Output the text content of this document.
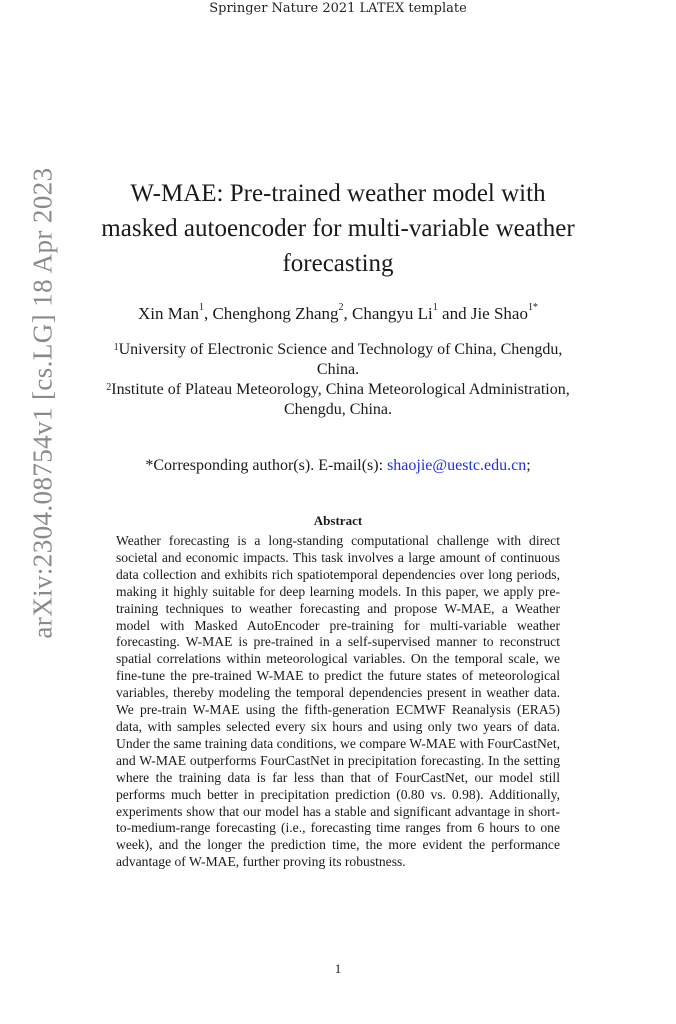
Springer Nature 2021 LATEX template
arXiv:2304.08754v1 [cs.LG] 18 Apr 2023	W-MAE: Pre-trained weather model with masked autoencoder for multi-variable weather forecasting
Xin Man$^1$, Chenghong Zhang$^2$, Changyu Li$^1$ and Jie Shao$^{1*}$
$^1$University of Electronic Science and Technology of China, Chengdu, China.
$^2$Institute of Plateau Meteorology, China Meteorological Administration, Chengdu, China.
*Corresponding author(s). E-mail(s): shaojie@uestc.edu.cn;
Abstract

Weather forecasting is a long-standing computational challenge with direct societal and economic impacts. This task involves a large amount of continuous data collection and exhibits rich spatiotemporal dependencies over long periods, making it highly suitable for deep learning models. In this paper, we apply pre-training techniques to weather forecasting and propose W-MAE, a Weather model with Masked AutoEncoder pre-training for multi-variable weather forecasting. W-MAE is pre-trained in a self-supervised manner to reconstruct spatial correlations within meteorological variables. On the temporal scale, we fine-tune the pre-trained W-MAE to predict the future states of meteorological variables, thereby modeling the temporal dependencies present in weather data. We pre-train W-MAE using the fifth-generation ECMWF Reanalysis (ERA5) data, with samples selected every six hours and using only two years of data. Under the same training data conditions, we compare W-MAE with FourCastNet, and W-MAE outperforms FourCastNet in precipitation forecasting. In the setting where the training data is far less than that of FourCastNet, our model still performs much better in precipitation prediction (0.80 vs. 0.98). Additionally, experiments show that our model has a stable and significant advantage in short-to-medium-range forecasting (i.e., forecasting time ranges from 6 hours to one week), and the longer the prediction time, the more evident the performance advantage of W-MAE, further proving its robustness.

1
